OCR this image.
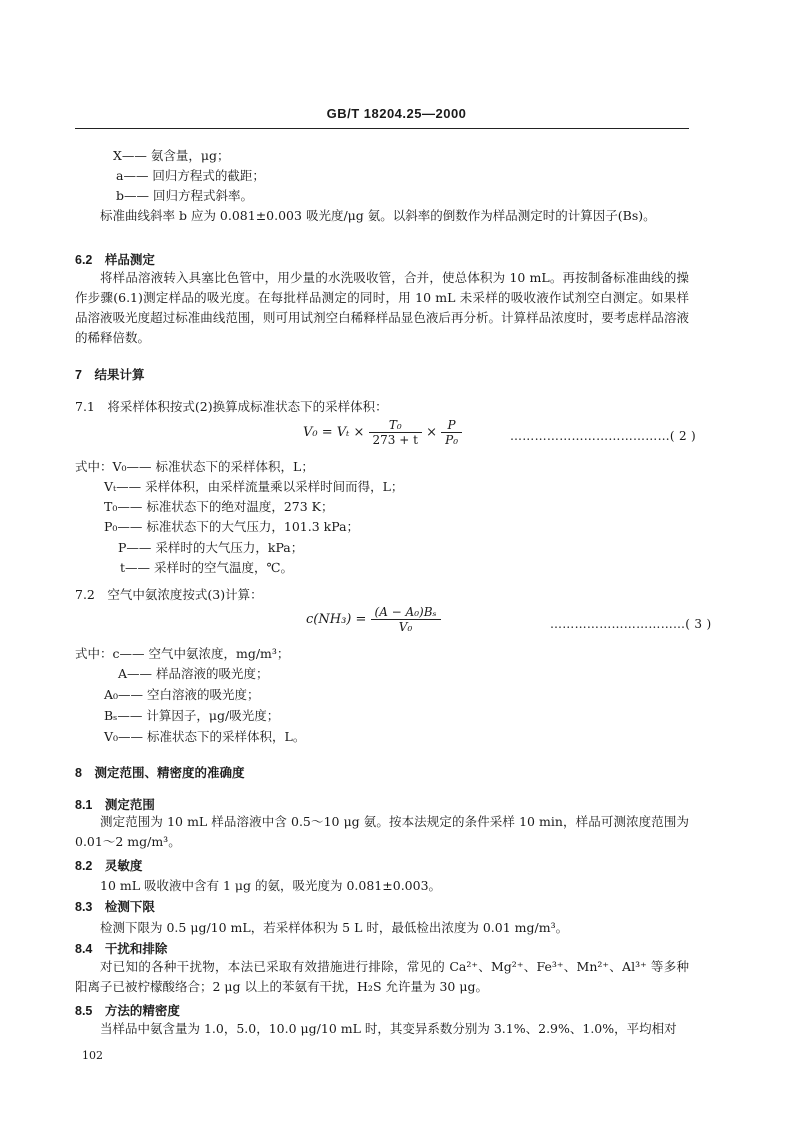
GB/T 18204.25—2000
X—— 氨含量，μg；
a—— 回归方程式的截距；
b—— 回归方程式斜率。
标准曲线斜率 b 应为 0.081±0.003 吸光度/μg 氨。以斜率的倒数作为样品测定时的计算因子(Bs)。
6.2　样品测定
将样品溶液转入具塞比色管中，用少量的水洗吸收管，合并，使总体积为 10 mL。再按制备标准曲线的操作步骤(6.1)测定样品的吸光度。在每批样品测定的同时，用 10 mL 未采样的吸收液作试剂空白测定。如果样品溶液吸光度超过标准曲线范围，则可用试剂空白稀释样品显色液后再分析。计算样品浓度时，要考虑样品溶液的稀释倍数。
7　结果计算
7.1　将采样体积按式(2)换算成标准状态下的采样体积：
$V_0 = V_t \times \frac{\text{T₀}}{273 + t} \times \frac{P}{\text{P₀}}$	…………………………………( 2 )
式中：V₀—— 标准状态下的采样体积，L；
Vₜ—— 采样体积，由采样流量乘以采样时间而得，L；
T₀—— 标准状态下的绝对温度，273 K；
P₀—— 标准状态下的大气压力，101.3 kPa；
P—— 采样时的大气压力，kPa；
t—— 采样时的空气温度，℃。
7.2　空气中氨浓度按式(3)计算：
$c(NH_3) = \frac{\text{(A − A₀)Bₛ}}{\text{V₀}}$	……………………………( 3 )
式中：c—— 空气中氨浓度，mg/m³；
A—— 样品溶液的吸光度；
A₀—— 空白溶液的吸光度；
Bₛ—— 计算因子，μg/吸光度；
V₀—— 标准状态下的采样体积，L。
8　测定范围、精密度的准确度
8.1　测定范围
测定范围为 10 mL 样品溶液中含 0.5～10 μg 氨。按本法规定的条件采样 10 min，样品可测浓度范围为 0.01～2 mg/m³。
8.2　灵敏度
10 mL 吸收液中含有 1 μg 的氨，吸光度为 0.081±0.003。
8.3　检测下限
检测下限为 0.5 μg/10 mL，若采样体积为 5 L 时，最低检出浓度为 0.01 mg/m³。
8.4　干扰和排除
对已知的各种干扰物，本法已采取有效措施进行排除，常见的 Ca²⁺、Mg²⁺、Fe³⁺、Mn²⁺、Al³⁺ 等多种阳离子已被柠檬酸络合；2 μg 以上的苯氨有干扰，H₂S 允许量为 30 μg。
8.5　方法的精密度
当样品中氨含量为 1.0，5.0，10.0 μg/10 mL 时，其变异系数分别为 3.1%、2.9%、1.0%，平均相对
102
